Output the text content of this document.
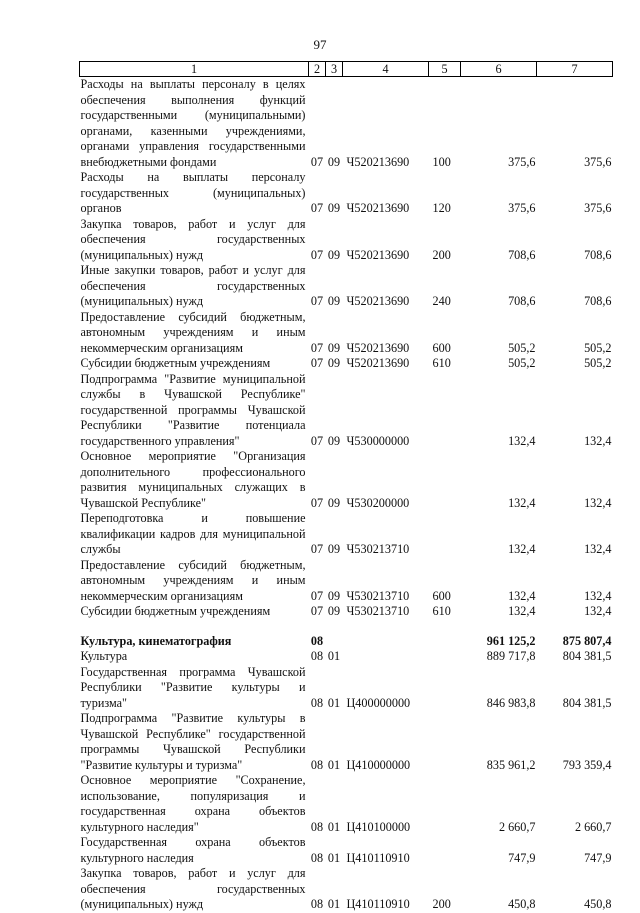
97
1	2	3	4	5	6	7
Расходы на выплаты персоналу в целях обеспечения выполнения функций государственными (муниципальными) органами, казенными учреждениями, органами управления государственными внебюджетными фондами	07	09	Ч520213690	100	375,6	375,6
Расходы на выплаты персоналу государственных (муниципальных) органов	07	09	Ч520213690	120	375,6	375,6
Закупка товаров, работ и услуг для обеспечения государственных (муниципальных) нужд	07	09	Ч520213690	200	708,6	708,6
Иные закупки товаров, работ и услуг для обеспечения государственных (муниципальных) нужд	07	09	Ч520213690	240	708,6	708,6
Предоставление субсидий бюджетным, автономным учреждениям и иным некоммерческим организациям	07	09	Ч520213690	600	505,2	505,2
Субсидии бюджетным учреждениям	07	09	Ч520213690	610	505,2	505,2
Подпрограмма "Развитие муниципальной службы в Чувашской Республике" государственной программы Чувашской Республики "Развитие потенциала государственного управления"	07	09	Ч530000000		132,4	132,4
Основное мероприятие "Организация дополнительного профессионального развития муниципальных служащих в Чувашской Республике"	07	09	Ч530200000		132,4	132,4
Переподготовка и повышение квалификации кадров для муниципальной службы	07	09	Ч530213710		132,4	132,4
Предоставление субсидий бюджетным, автономным учреждениям и иным некоммерческим организациям	07	09	Ч530213710	600	132,4	132,4
Субсидии бюджетным учреждениям	07	09	Ч530213710	610	132,4	132,4

Культура, кинематография	08				961 125,2	875 807,4
Культура	08	01			889 717,8	804 381,5
Государственная программа Чувашской Республики "Развитие культуры и туризма"	08	01	Ц400000000		846 983,8	804 381,5
Подпрограмма "Развитие культуры в Чувашской Республике" государственной программы Чувашской Республики "Развитие культуры и туризма"	08	01	Ц410000000		835 961,2	793 359,4
Основное мероприятие "Сохранение, использование, популяризация и государственная охрана объектов культурного наследия"	08	01	Ц410100000		2 660,7	2 660,7
Государственная охрана объектов культурного наследия	08	01	Ц410110910		747,9	747,9
Закупка товаров, работ и услуг для обеспечения государственных (муниципальных) нужд	08	01	Ц410110910	200	450,8	450,8
